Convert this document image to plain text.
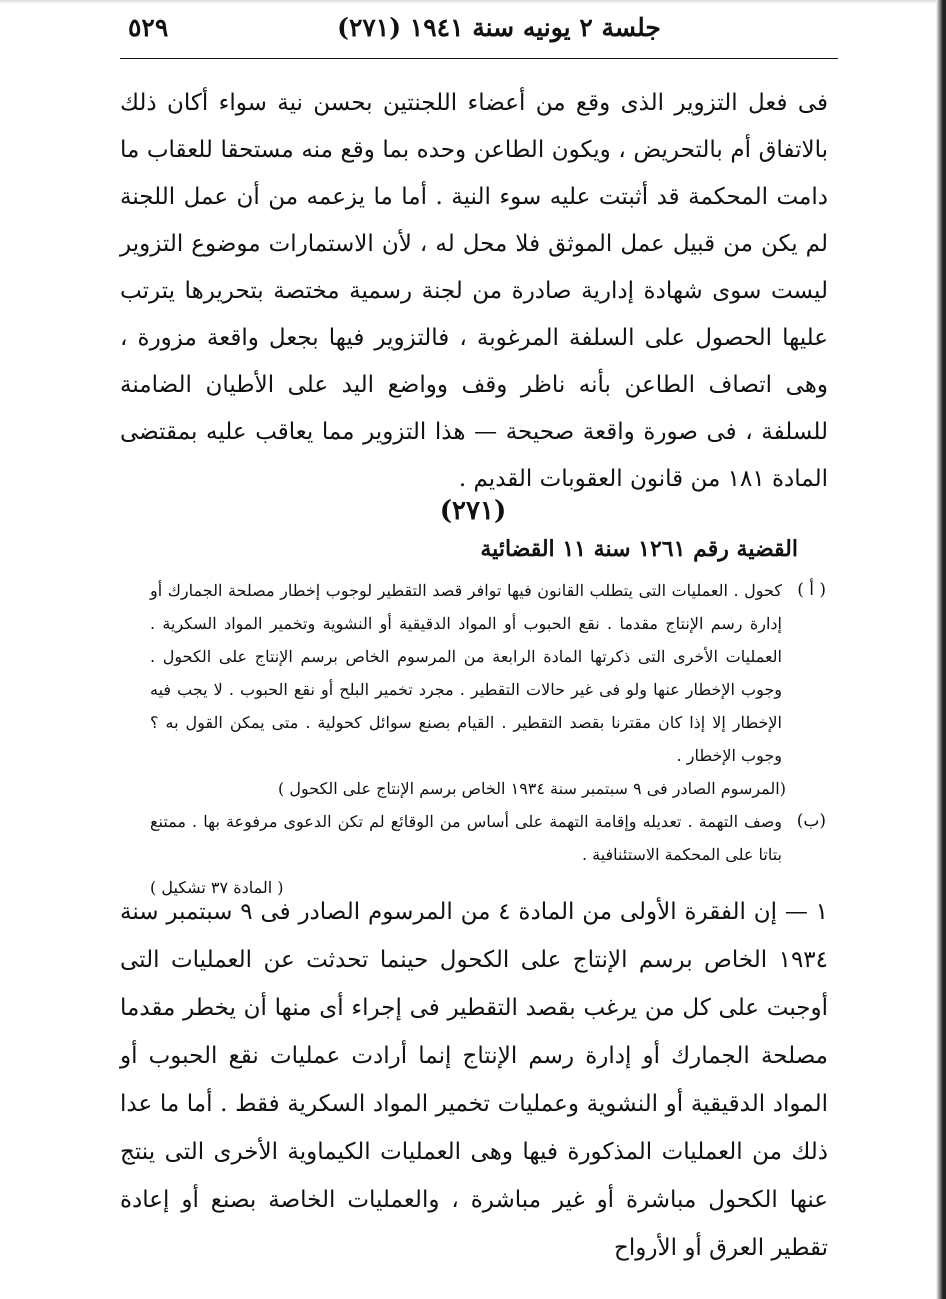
جلسة ٢ يونيه سنة ١٩٤١ (٢٧١)
٥٢٩

فى فعل التزوير الذى وقع من أعضاء اللجنتين بحسن نية سواء أكان ذلك بالاتفاق أم بالتحريض ، ويكون الطاعن وحده بما وقع منه مستحقا للعقاب ما دامت المحكمة قد أثبتت عليه سوء النية . أما ما يزعمه من أن عمل اللجنة لم يكن من قبيل عمل الموثق فلا محل له ، لأن الاستمارات موضوع التزوير ليست سوى شهادة إدارية صادرة من لجنة رسمية مختصة بتحريرها يترتب عليها الحصول على السلفة المرغوبة ، فالتزوير فيها بجعل واقعة مزورة ، وهى اتصاف الطاعن بأنه ناظر وقف وواضع اليد على الأطيان الضامنة للسلفة ، فى صورة واقعة صحيحة — هذا التزوير مما يعاقب عليه بمقتضى المادة ١٨١ من قانون العقوبات القديم .

(٢٧١)
القضية رقم ١٢٦١ سنة ١١ القضائية
( أ )
كحول . العمليات التى يتطلب القانون فيها توافر قصد التقطير لوجوب إخطار مصلحة الجمارك أو إدارة رسم الإنتاج مقدما . نقع الحبوب أو المواد الدقيقية أو النشوية وتخمير المواد السكرية . العمليات الأخرى التى ذكرتها المادة الرابعة من المرسوم الخاص برسم الإنتاج على الكحول . وجوب الإخطار عنها ولو فى غير حالات التقطير . مجرد تخمير البلح أو نقع الحبوب . لا يجب فيه الإخطار إلا إذا كان مقترنا بقصد التقطير . القيام بصنع سوائل كحولية . متى يمكن القول به ؟ وجوب الإخطار .
(المرسوم الصادر فى ٩ سبتمبر سنة ١٩٣٤ الخاص برسم الإنتاج على الكحول )
(ب)
وصف التهمة . تعديله وإقامة التهمة على أساس من الوقائع لم تكن الدعوى مرفوعة بها . ممتنع بتاتا على المحكمة الاستئنافية .
( المادة ٣٧ تشكيل )

١ — إن الفقرة الأولى من المادة ٤ من المرسوم الصادر فى ٩ سبتمبر سنة ١٩٣٤ الخاص برسم الإنتاج على الكحول حينما تحدثت عن العمليات التى أوجبت على كل من يرغب بقصد التقطير فى إجراء أى منها أن يخطر مقدما مصلحة الجمارك أو إدارة رسم الإنتاج إنما أرادت عمليات نقع الحبوب أو المواد الدقيقية أو النشوية وعمليات تخمير المواد السكرية فقط . أما ما عدا ذلك من العمليات المذكورة فيها وهى العمليات الكيماوية الأخرى التى ينتج عنها الكحول مباشرة أو غير مباشرة ، والعمليات الخاصة بصنع أو إعادة تقطير العرق أو الأرواح
